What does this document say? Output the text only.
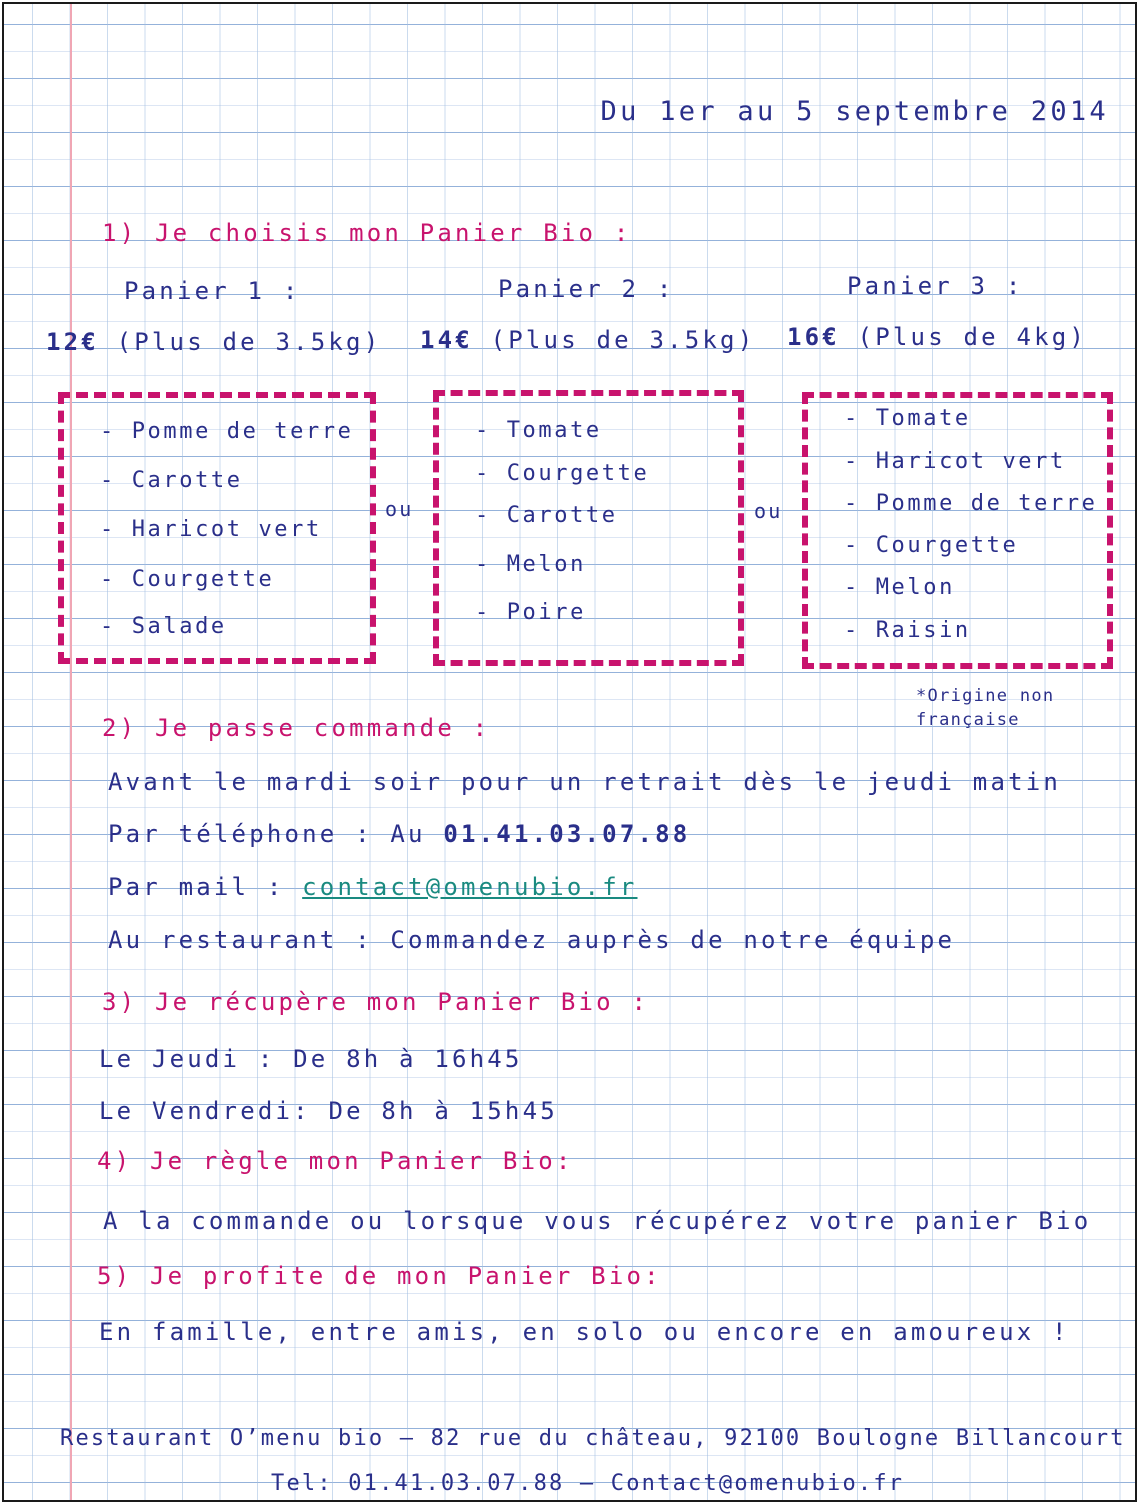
Du 1er au 5 septembre 2014
1) Je choisis mon Panier Bio :
Panier 1 :	Panier 2 :	Panier 3 :
12€ (Plus de 3.5kg) 14€ (Plus de 3.5kg) 16€ (Plus de 4kg)
- Pomme de terre
- Carotte
- Haricot vert
- Courgette
- Salade
ou
- Tomate
- Courgette
- Carotte
- Melon
- Poire
ou
- Tomate
- Haricot vert
- Pomme de terre
- Courgette
- Melon
- Raisin
*Origine non
française
2) Je passe commande :
Avant le mardi soir pour un retrait dès le jeudi matin
Par téléphone : Au 01.41.03.07.88
Par mail : contact@omenubio.fr
Au restaurant : Commandez auprès de notre équipe
3) Je récupère mon Panier Bio :
Le Jeudi : De 8h à 16h45
Le Vendredi: De 8h à 15h45
4) Je règle mon Panier Bio:
A la commande ou lorsque vous récupérez votre panier Bio
5) Je profite de mon Panier Bio:
En famille, entre amis, en solo ou encore en amoureux !
Restaurant O’menu bio – 82 rue du château, 92100 Boulogne Billancourt
Tel: 01.41.03.07.88 – Contact@omenubio.fr
